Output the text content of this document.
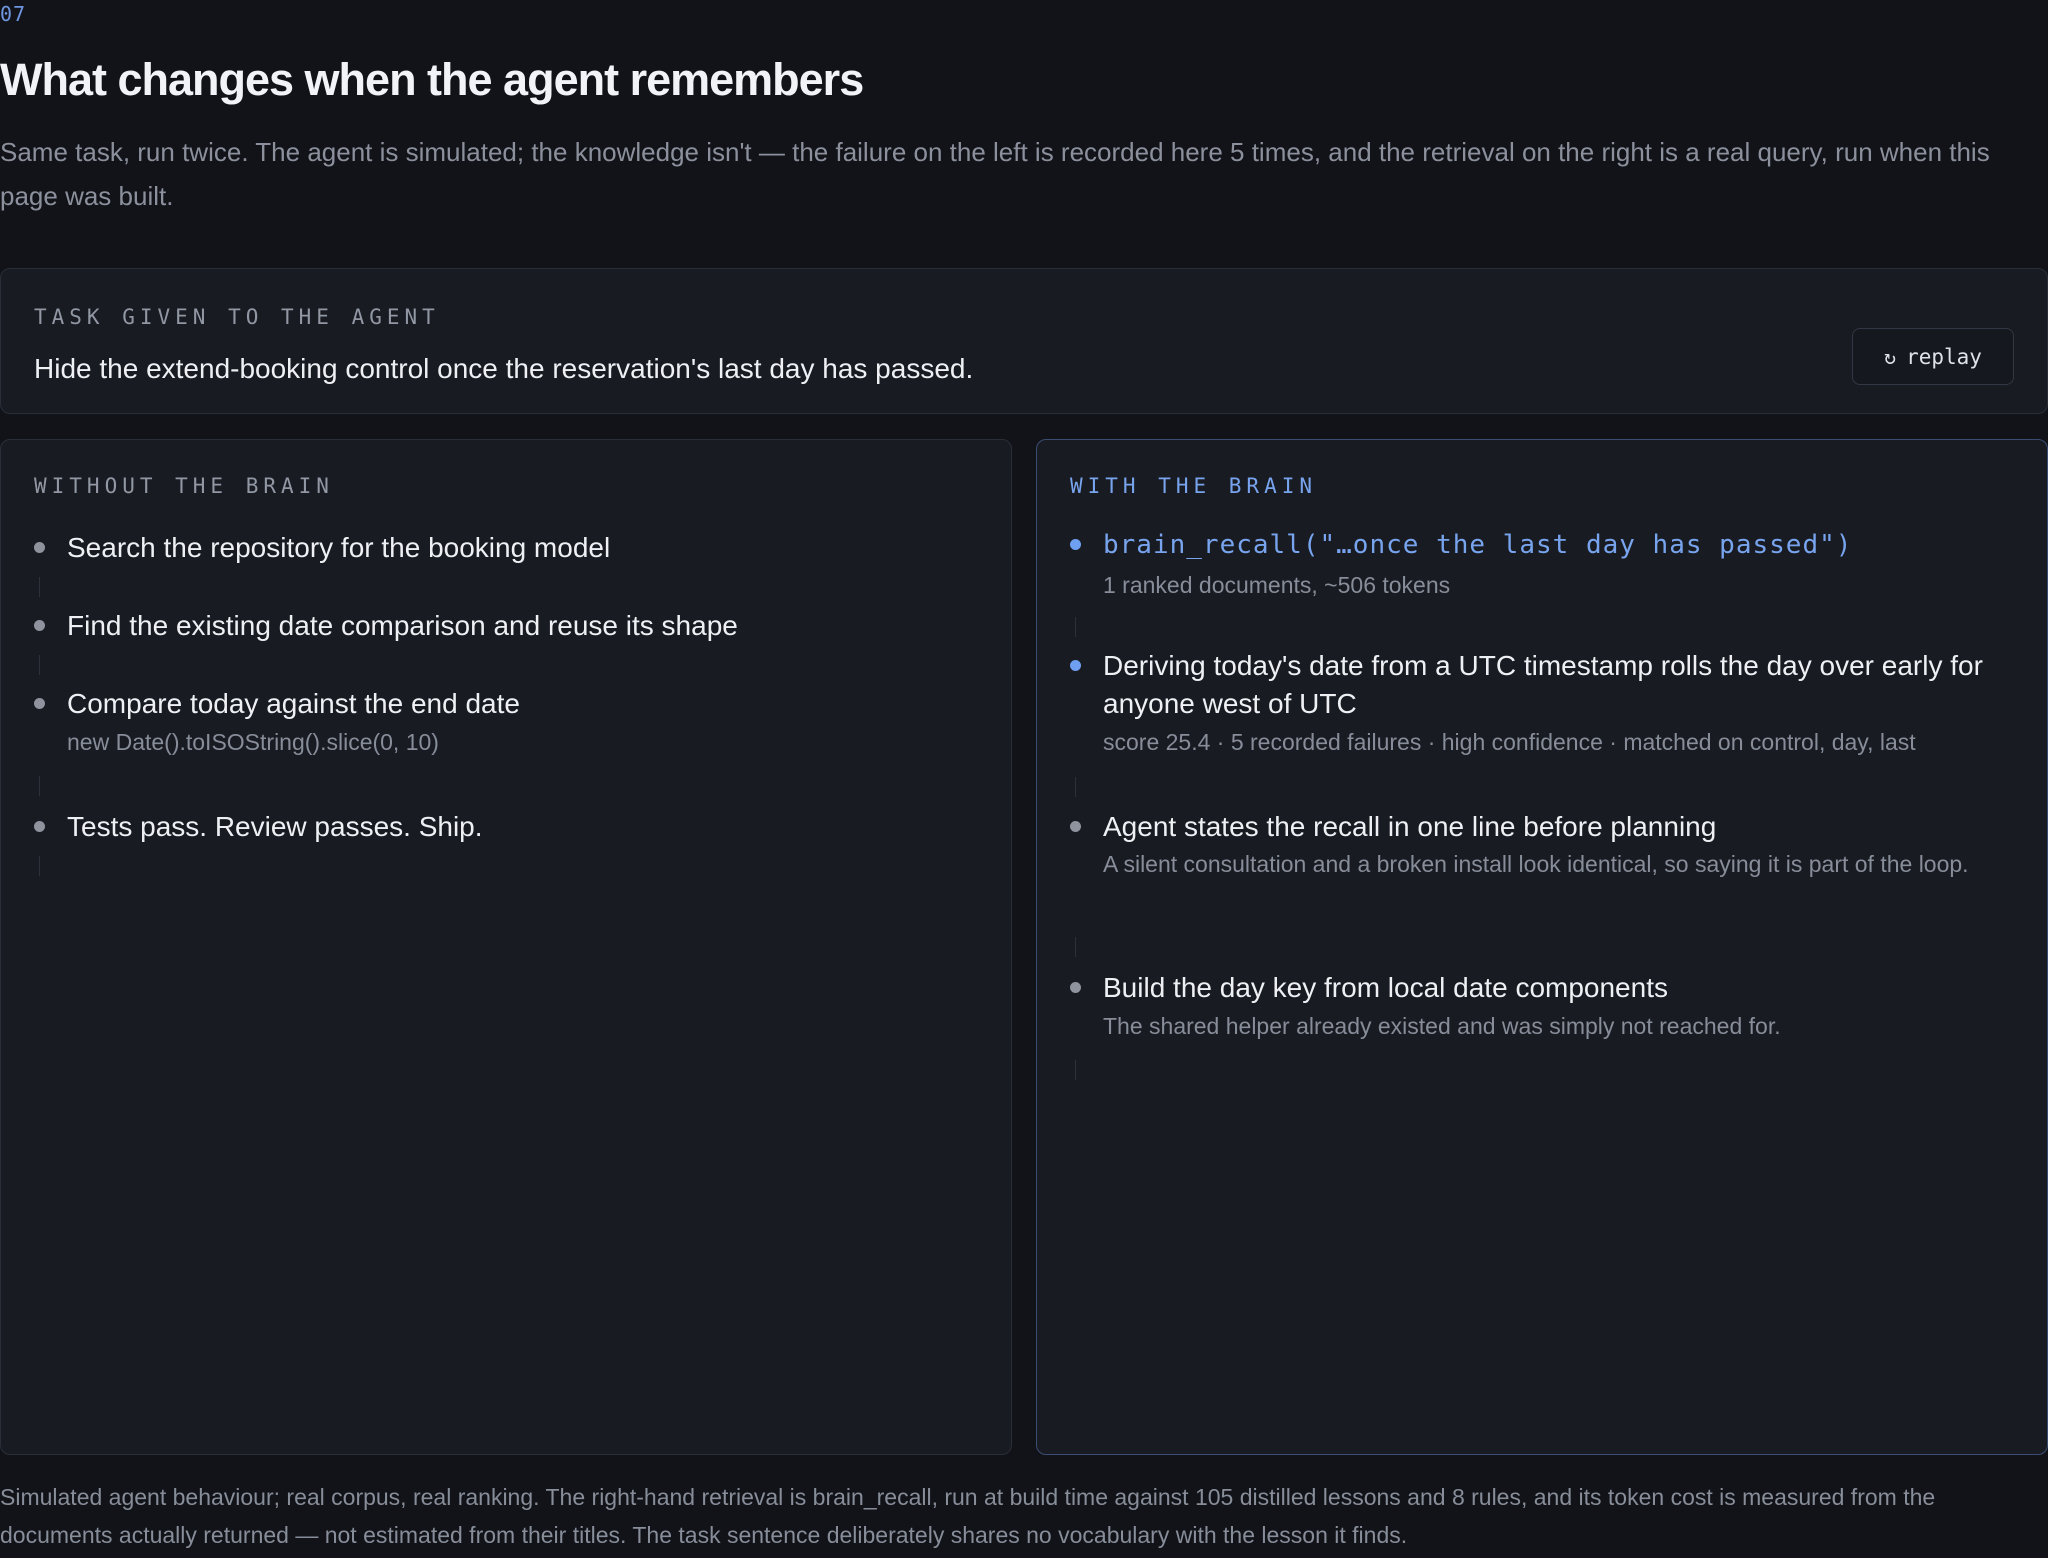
07
What changes when the agent remembers

Same task, run twice. The agent is simulated; the knowledge isn't — the failure on the left is recorded here 5 times, and the retrieval on the right is a real query, run when this page was built.

TASK GIVEN TO THE AGENT
Hide the extend-booking control once the reservation's last day has passed.	↻ replay
WITHOUT THE BRAIN

Search the repository for the booking model

Find the existing date comparison and reuse its shape

Compare today against the end date

new Date().toISOString().slice(0, 10)

Tests pass. Review passes. Ship.

WITH THE BRAIN

brain_recall("…once the last day has passed")

1 ranked documents, ~506 tokens

Deriving today's date from a UTC timestamp rolls the day over early for anyone west of UTC

score 25.4 · 5 recorded failures · high confidence · matched on control, day, last

Agent states the recall in one line before planning

A silent consultation and a broken install look identical, so saying it is part of the loop.

Build the day key from local date components

The shared helper already existed and was simply not reached for.

Simulated agent behaviour; real corpus, real ranking. The right-hand retrieval is brain_recall, run at build time against 105 distilled lessons and 8 rules, and its token cost is measured from the documents actually returned — not estimated from their titles. The task sentence deliberately shares no vocabulary with the lesson it finds.
